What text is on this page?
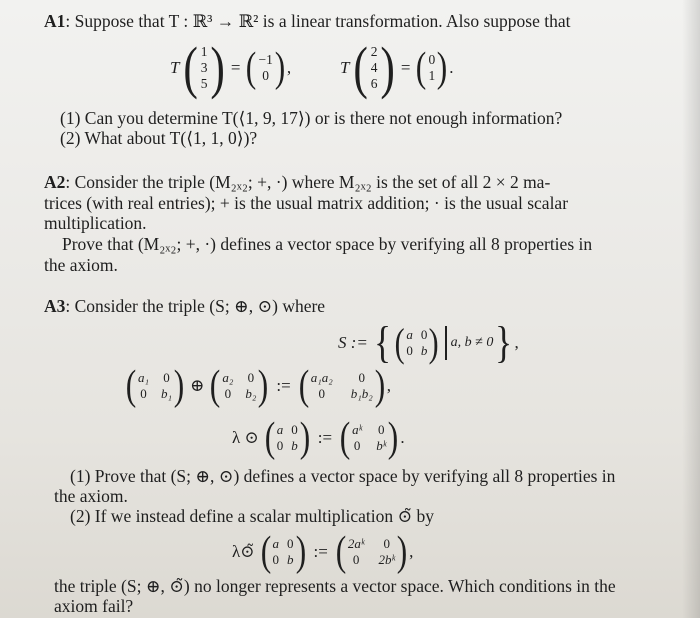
A1: Suppose that T : ℝ³ → ℝ² is a linear transformation. Also suppose that
T ( 1
3
5 ) = ( −1
0 ) ,	T ( 2
4
6 ) = ( 0
1 ) .
(1) Can you determine T(⟨1, 9, 17⟩) or is there not enough information?
(2) What about T(⟨1, 1, 0⟩)?
A2: Consider the triple (M₂ₓ₂; +, ·) where M₂ₓ₂ is the set of all 2 × 2 ma-
trices (with real entries); + is the usual matrix addition; · is the usual scalar
multiplication.
Prove that (M₂ₓ₂; +, ·) defines a vector space by verifying all 8 properties in
the axiom.
A3: Consider the triple (S; ⊕, ⊙) where
S := { ( a 0
0 b ) a, b ≠ 0 } ,
( a₁ 0
0 b₁ ) ⊕ ( a₂ 0
0 b₂ ) := ( a₁a₂	0
0	b₁b₂ ) ,
λ ⊙ ( a 0
0 b ) := ( aᵏ 0
0 bᵏ ) .
(1) Prove that (S; ⊕, ⊙) defines a vector space by verifying all 8 properties in
the axiom.
(2) If we instead define a scalar multiplication ⊙̃ by
λ⊙̃ ( a 0
0 b ) := ( 2aᵏ	0
0	2bᵏ ) ,
the triple (S; ⊕, ⊙̃) no longer represents a vector space. Which conditions in the
axiom fail?
